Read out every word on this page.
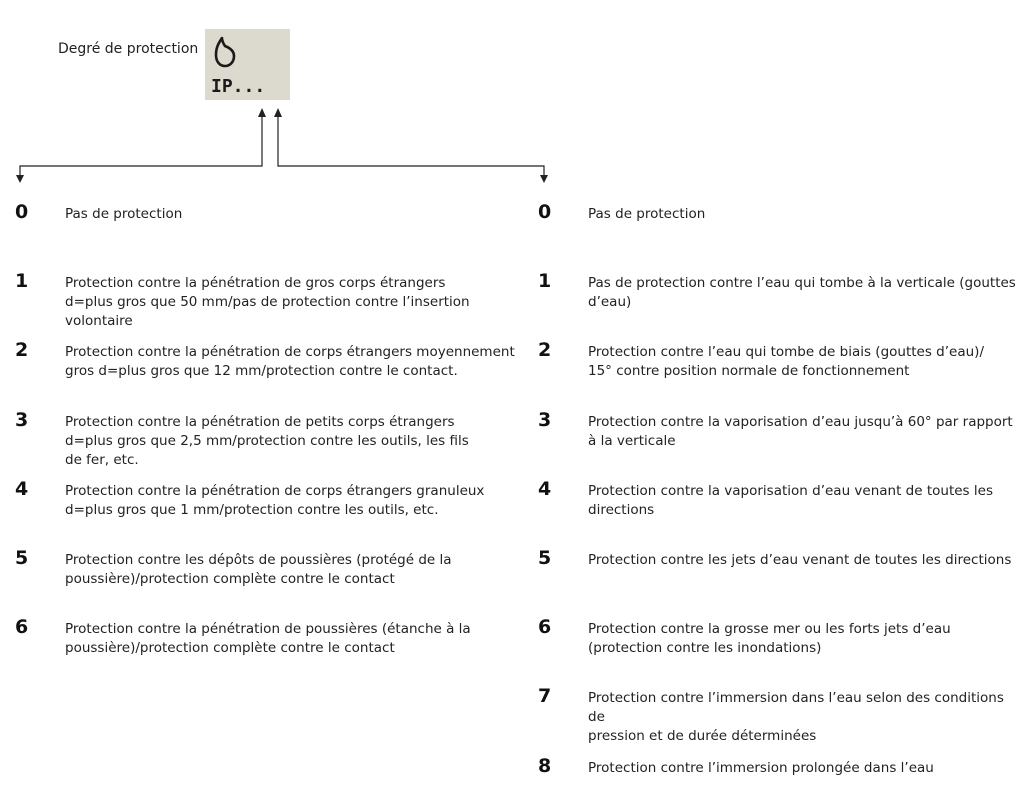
Degré de protection
IP...
0	Pas de protection
1	Protection contre la pénétration de gros corps étrangers
d=plus gros que 50 mm/pas de protection contre l’insertion
volontaire
2	Protection contre la pénétration de corps étrangers moyennement
gros d=plus gros que 12 mm/protection contre le contact.
3	Protection contre la pénétration de petits corps étrangers
d=plus gros que 2,5 mm/protection contre les outils, les fils
de fer, etc.
4	Protection contre la pénétration de corps étrangers granuleux
d=plus gros que 1 mm/protection contre les outils, etc.
5	Protection contre les dépôts de poussières (protégé de la
poussière)/protection complète contre le contact
6	Protection contre la pénétration de poussières (étanche à la
poussière)/protection complète contre le contact
0	Pas de protection
1	Pas de protection contre l’eau qui tombe à la verticale (gouttes
d’eau)
2	Protection contre l’eau qui tombe de biais (gouttes d’eau)/
15° contre position normale de fonctionnement
3	Protection contre la vaporisation d’eau jusqu’à 60° par rapport
à la verticale
4	Protection contre la vaporisation d’eau venant de toutes les
directions
5	Protection contre les jets d’eau venant de toutes les directions
6	Protection contre la grosse mer ou les forts jets d’eau
(protection contre les inondations)
7	Protection contre l’immersion dans l’eau selon des conditions de
pression et de durée déterminées
8	Protection contre l’immersion prolongée dans l’eau
